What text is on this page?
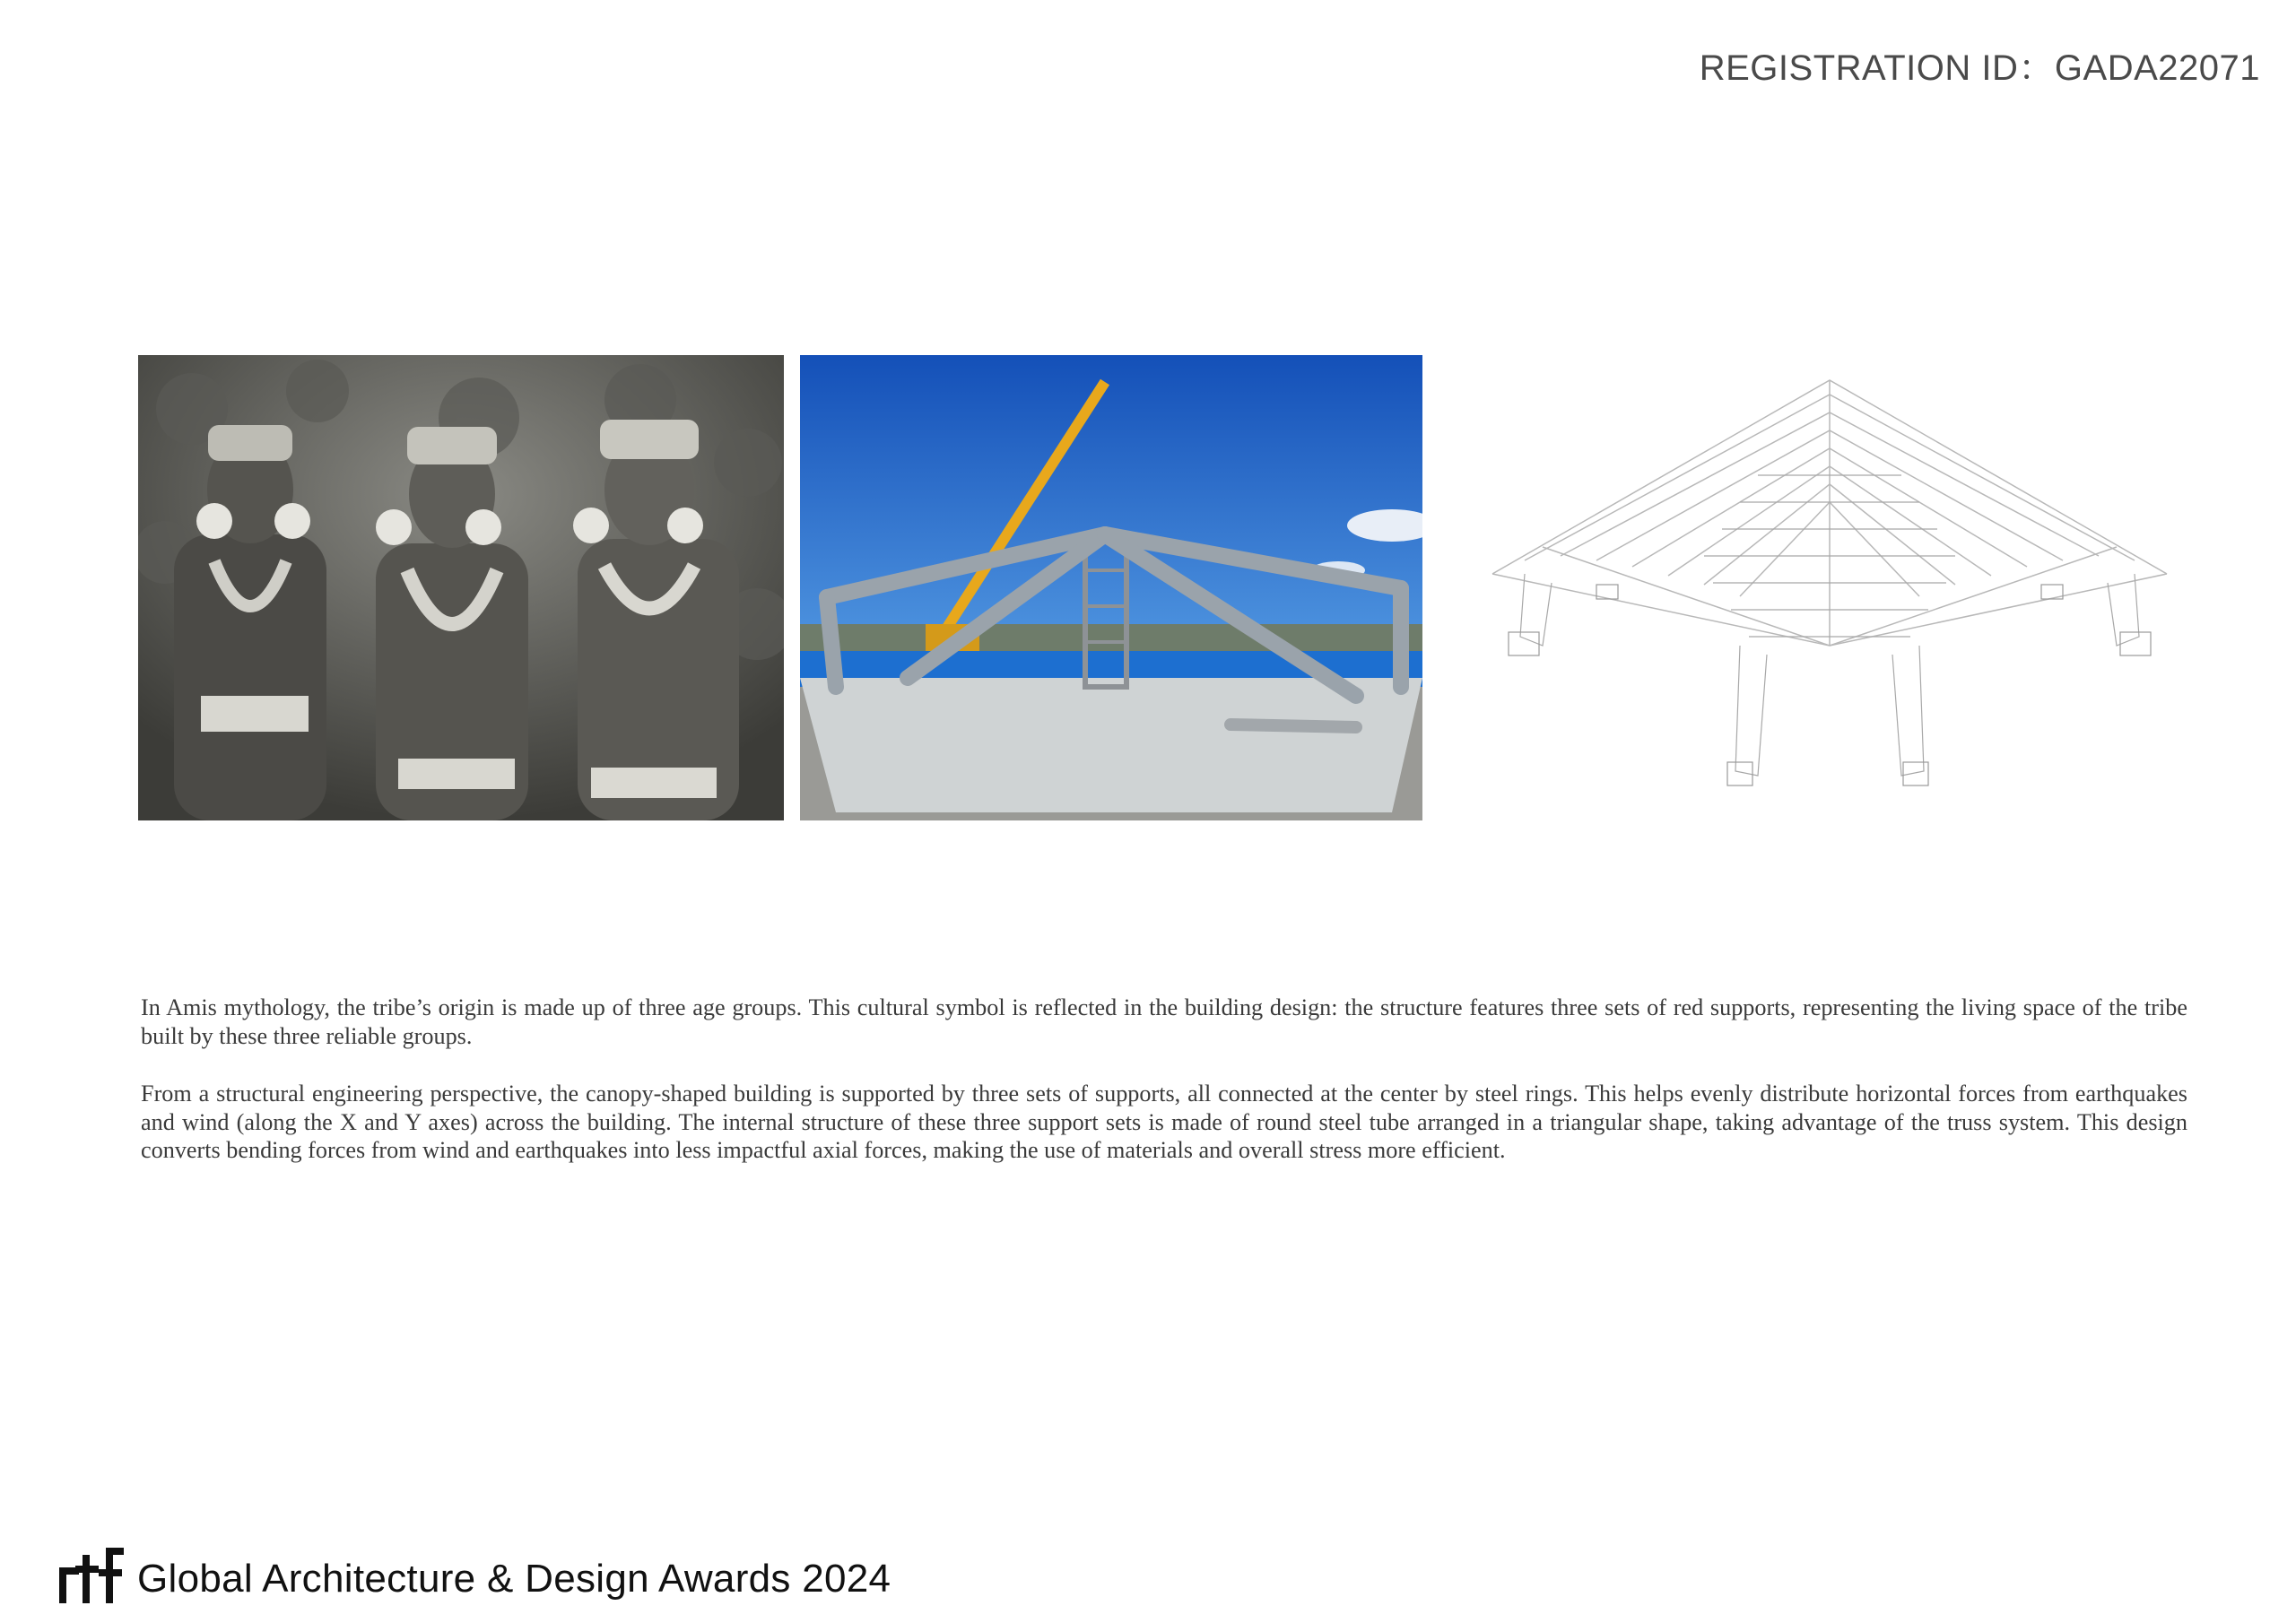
REGISTRATION ID：GADA22071

In Amis mythology, the tribe’s origin is made up of three age groups. This cultural symbol is reflected in the building design: the structure features three sets of red supports, representing the living space of the tribe built by these three reliable groups.

From a structural engineering perspective, the canopy-shaped building is supported by three sets of supports, all connected at the center by steel rings. This helps evenly distribute horizontal forces from earthquakes and wind (along the X and Y axes) across the building. The internal structure of these three support sets is made of round steel tube arranged in a triangular shape, taking advantage of the truss system. This design converts bending forces from wind and earthquakes into less impactful axial forces, making the use of materials and overall stress more efficient.

Global Architecture & Design Awards 2024
